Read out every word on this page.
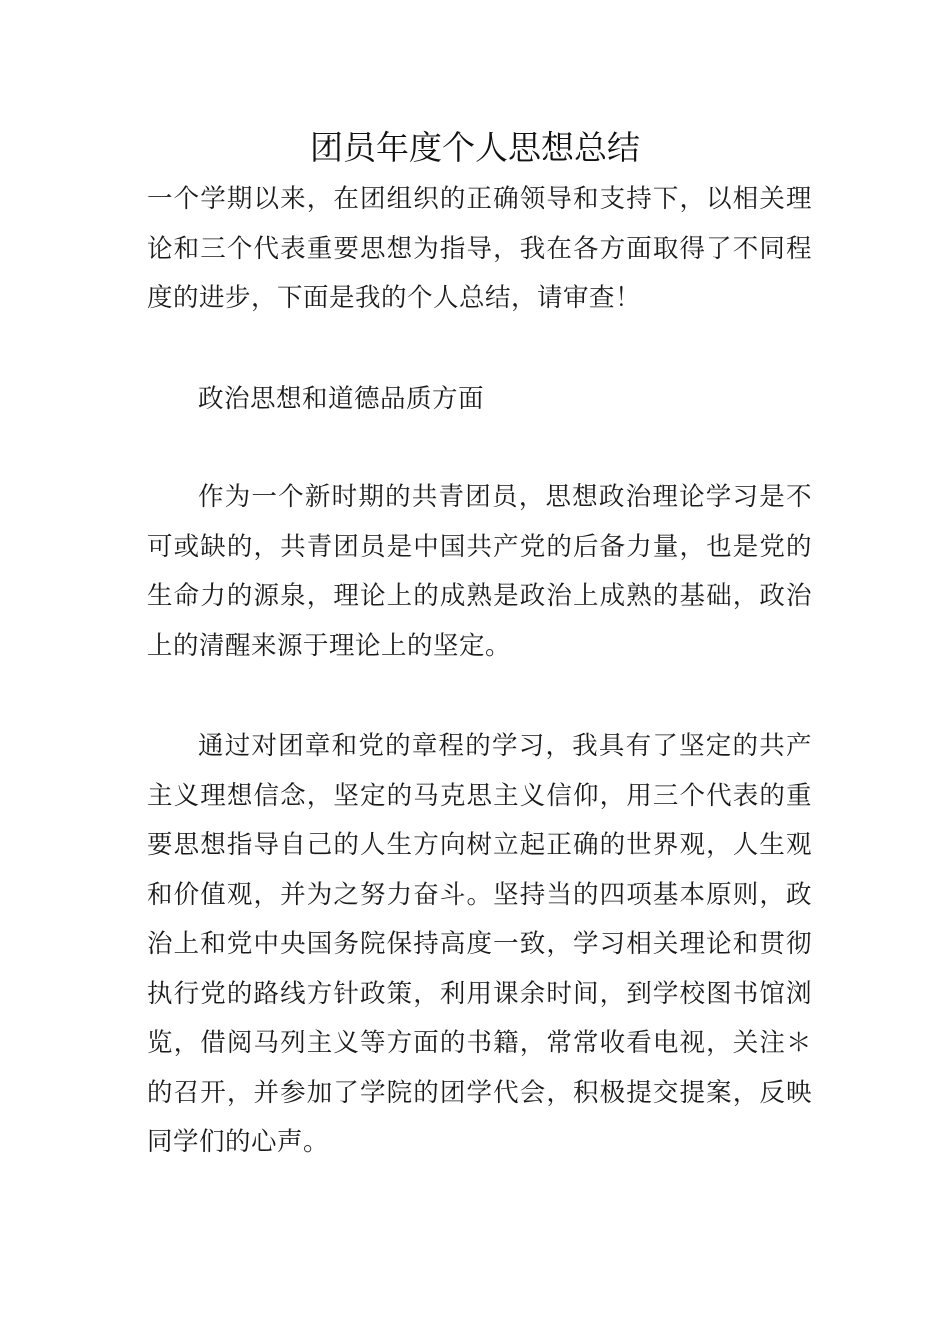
团员年度个人思想总结

一个学期以来，在团组织的正确领导和支持下，以相关理论和三个代表重要思想为指导，我在各方面取得了不同程度的进步，下面是我的个人总结，请审查！

政治思想和道德品质方面

作为一个新时期的共青团员，思想政治理论学习是不可或缺的，共青团员是中国共产党的后备力量，也是党的生命力的源泉，理论上的成熟是政治上成熟的基础，政治上的清醒来源于理论上的坚定。

通过对团章和党的章程的学习，我具有了坚定的共产主义理想信念，坚定的马克思主义信仰，用三个代表的重要思想指导自己的人生方向树立起正确的世界观，人生观和价值观，并为之努力奋斗。坚持当的四项基本原则，政治上和党中央国务院保持高度一致，学习相关理论和贯彻执行党的路线方针政策，利用课余时间，到学校图书馆浏览，借阅马列主义等方面的书籍，常常收看电视，关注＊的召开，并参加了学院的团学代会，积极提交提案，反映同学们的心声。
